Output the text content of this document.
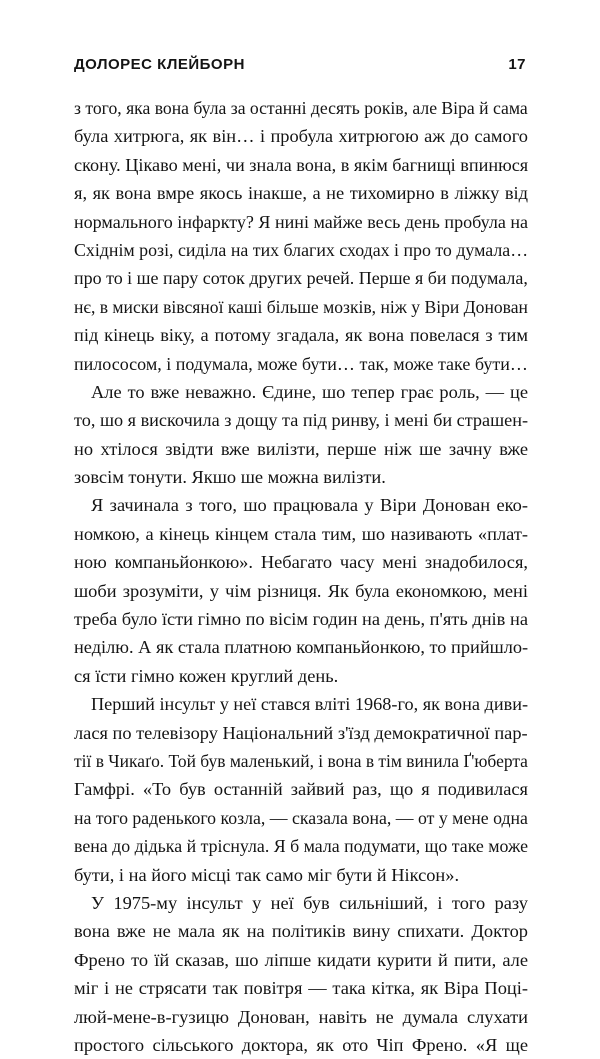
ДОЛОРЕС КЛЕЙБОРН	17
з того, яка вона була за останні десять років, але Віра й сама
була хитрюга, як він… і пробула хитрюгою аж до самого
скону. Цікаво мені, чи знала вона, в якім багнищі впинюся
я, як вона вмре якось інакше, а не тихомирно в ліжку від
нормального інфаркту? Я нині майже весь день пробула на
Східнім розі, сиділа на тих благих сходах і про то думала…
про то і ше пару соток других речей. Перше я би подумала,
нє, в миски вівсяної каші більше мозків, ніж у Віри Донован
під кінець віку, а потому згадала, як вона повелася з тим
пилососом, і подумала, може бути… так, може таке бути…
Але то вже неважно. Єдине, шо тепер грає роль, — це
то, шо я вискочила з дощу та під ринву, і мені би страшен-
но хтілося звідти вже вилізти, перше ніж ше зачну вже
зовсім тонути. Якшо ше можна вилізти.
Я зачинала з того, шо працювала у Віри Донован еко-
номкою, а кінець кінцем стала тим, шо називають «плат-
ною компаньйонкою». Небагато часу мені знадобилося,
шоби зрозуміти, у чім різниця. Як була економкою, мені
треба було їсти гімно по вісім годин на день, п'ять днів на
неділю. А як стала платною компаньйонкою, то прийшло-
ся їсти гімно кожен круглий день.
Перший інсульт у неї стався вліті 1968-го, як вона диви-
лася по телевізору Національний з'їзд демократичної пар-
тії в Чикаґо. Той був маленький, і вона в тім винила Ґ'юберта
Гамфрі. «То був останній зайвий раз, що я подивилася
на того раденького козла, — сказала вона, — от у мене одна
вена до дідька й тріснула. Я б мала подумати, що таке може
бути, і на його місці так само міг бути й Ніксон».
У 1975-му інсульт у неї був сильніший, і того разу
вона вже не мала як на політиків вину спихати. Доктор
Френо то їй сказав, шо ліпше кидати курити й пити, але
міг і не стрясати так повітря — така кітка, як Віра Поці-
люй-мене-в-гузицю Донован, навіть не думала слухати
простого сільського доктора, як ото Чіп Френо. «Я ще
